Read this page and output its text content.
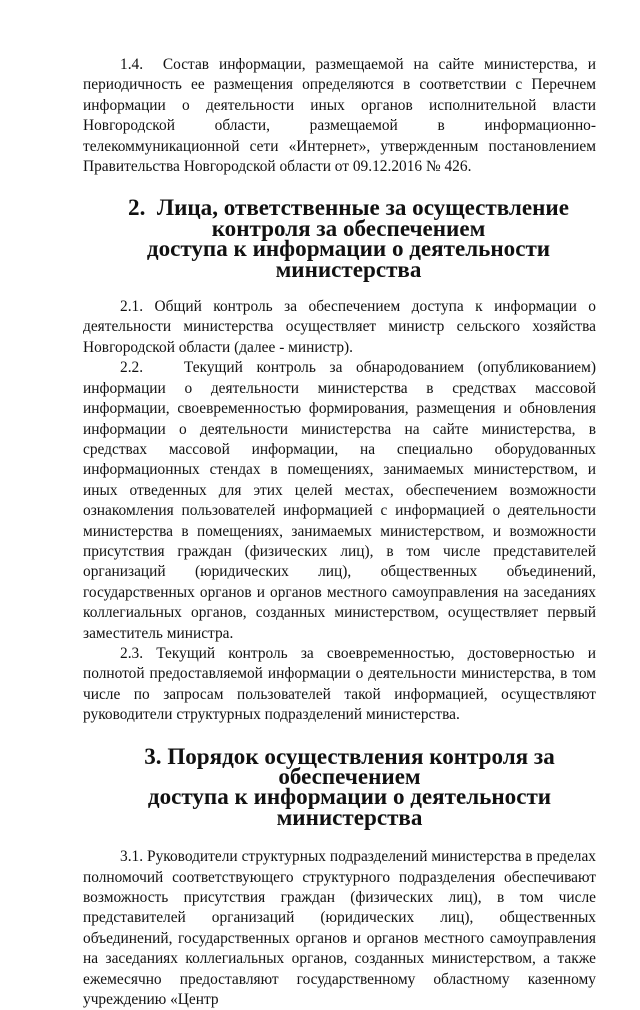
1.4.  Состав информации, размещаемой на сайте министерства, и периодичность ее размещения определяются в соответствии с Перечнем информации о деятельности иных органов исполнительной власти Новгородской области, размещаемой в информационно-телекоммуникационной сети «Интернет», утвержденным постановлением Правительства Новгородской области от 09.12.2016 № 426.

2.  Лица, ответственные за осуществление контроля за обеспечением
доступа к информации о деятельности министерства

2.1. Общий контроль за обеспечением доступа к информации о деятельности министерства осуществляет министр сельского хозяйства Новгородской области (далее - министр).

2.2.   Текущий контроль за обнародованием (опубликованием) информации о деятельности министерства в средствах массовой информации, своевременностью формирования, размещения и обновления информации о деятельности министерства на сайте министерства, в средствах массовой информации, на специально оборудованных информационных стендах в помещениях, занимаемых министерством, и иных отведенных для этих целей местах, обеспечением возможности ознакомления пользователей информацией с информацией о деятельности министерства в помещениях, занимаемых министерством, и возможности присутствия граждан (физических лиц), в том числе представителей организаций (юридических лиц), общественных объединений, государственных органов и органов местного самоуправления на заседаниях коллегиальных органов, созданных министерством, осуществляет первый заместитель министра.

2.3. Текущий контроль за своевременностью, достоверностью и полнотой предоставляемой информации о деятельности министерства, в том числе по запросам пользователей такой информацией, осуществляют руководители структурных подразделений министерства.

3. Порядок осуществления контроля за обеспечением
доступа к информации о деятельности министерства

3.1. Руководители структурных подразделений министерства в пределах полномочий соответствующего структурного подразделения обеспечивают возможность присутствия граждан (физических лиц), в том числе представителей организаций (юридических лиц), общественных объединений, государственных органов и органов местного самоуправления на заседаниях коллегиальных органов, созданных министерством, а также ежемесячно предоставляют государственному областному казенному учреждению «Центр
